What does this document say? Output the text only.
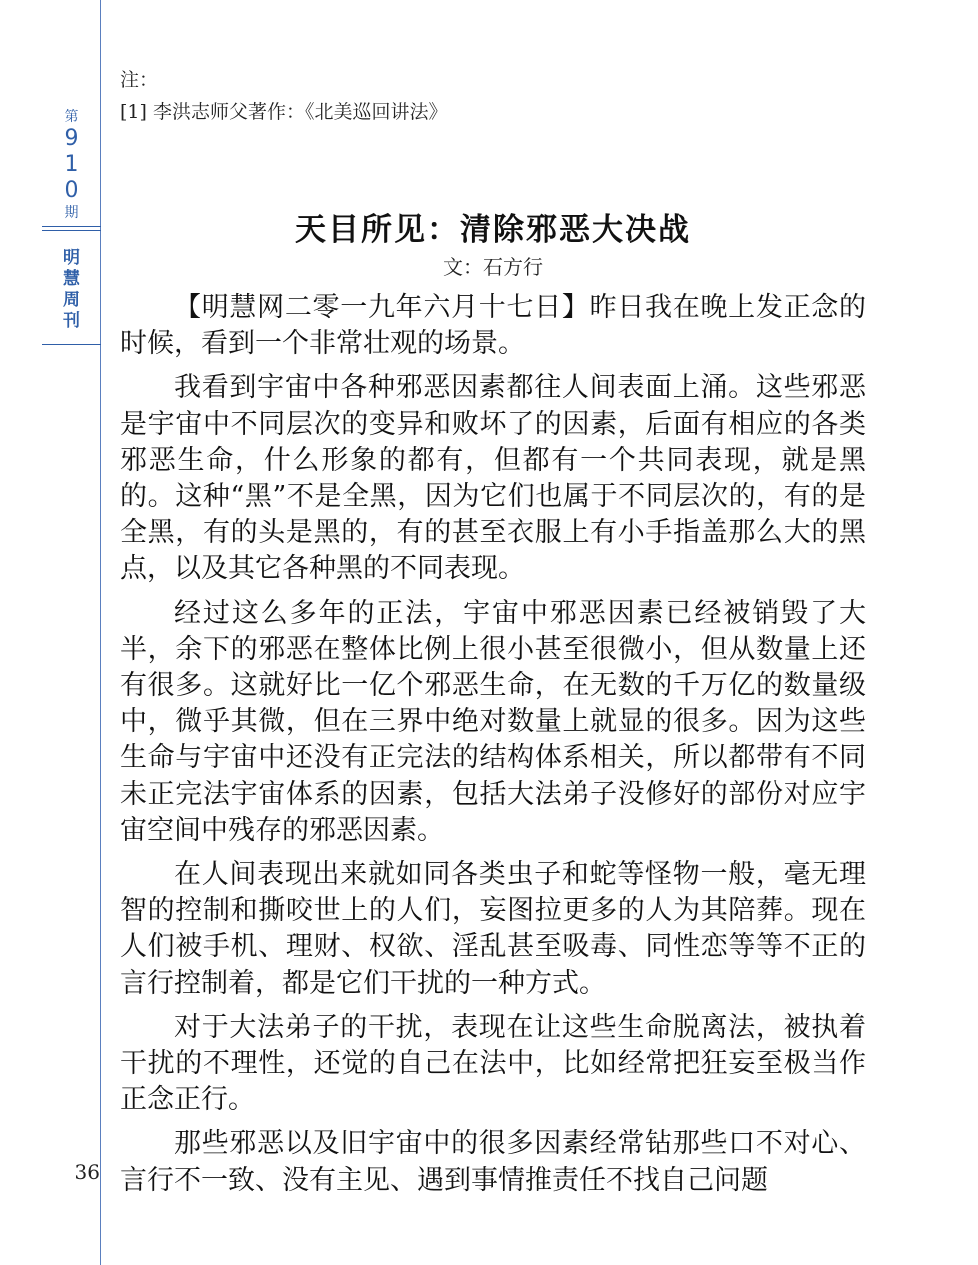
第
9
1
0
期
明
慧
周
刊
36

注：

[1] 李洪志师父著作：《北美巡回讲法》

天目所见：清除邪恶大决战
文：石方行

【明慧网二零一九年六月十七日】昨日我在晚上发正念的时候，看到一个非常壮观的场景。

我看到宇宙中各种邪恶因素都往人间表面上涌。这些邪恶是宇宙中不同层次的变异和败坏了的因素，后面有相应的各类邪恶生命，什么形象的都有，但都有一个共同表现，就是黑的。这种“黑”不是全黑，因为它们也属于不同层次的，有的是全黑，有的头是黑的，有的甚至衣服上有小手指盖那么大的黑点，以及其它各种黑的不同表现。

经过这么多年的正法，宇宙中邪恶因素已经被销毁了大半，余下的邪恶在整体比例上很小甚至很微小，但从数量上还有很多。这就好比一亿个邪恶生命，在无数的千万亿的数量级中，微乎其微，但在三界中绝对数量上就显的很多。因为这些生命与宇宙中还没有正完法的结构体系相关，所以都带有不同未正完法宇宙体系的因素，包括大法弟子没修好的部份对应宇宙空间中残存的邪恶因素。

在人间表现出来就如同各类虫子和蛇等怪物一般，毫无理智的控制和撕咬世上的人们，妄图拉更多的人为其陪葬。现在人们被手机、理财、权欲、淫乱甚至吸毒、同性恋等等不正的言行控制着，都是它们干扰的一种方式。

对于大法弟子的干扰，表现在让这些生命脱离法，被执着干扰的不理性，还觉的自己在法中，比如经常把狂妄至极当作正念正行。

那些邪恶以及旧宇宙中的很多因素经常钻那些口不对心、言行不一致、没有主见、遇到事情推责任不找自己问题
